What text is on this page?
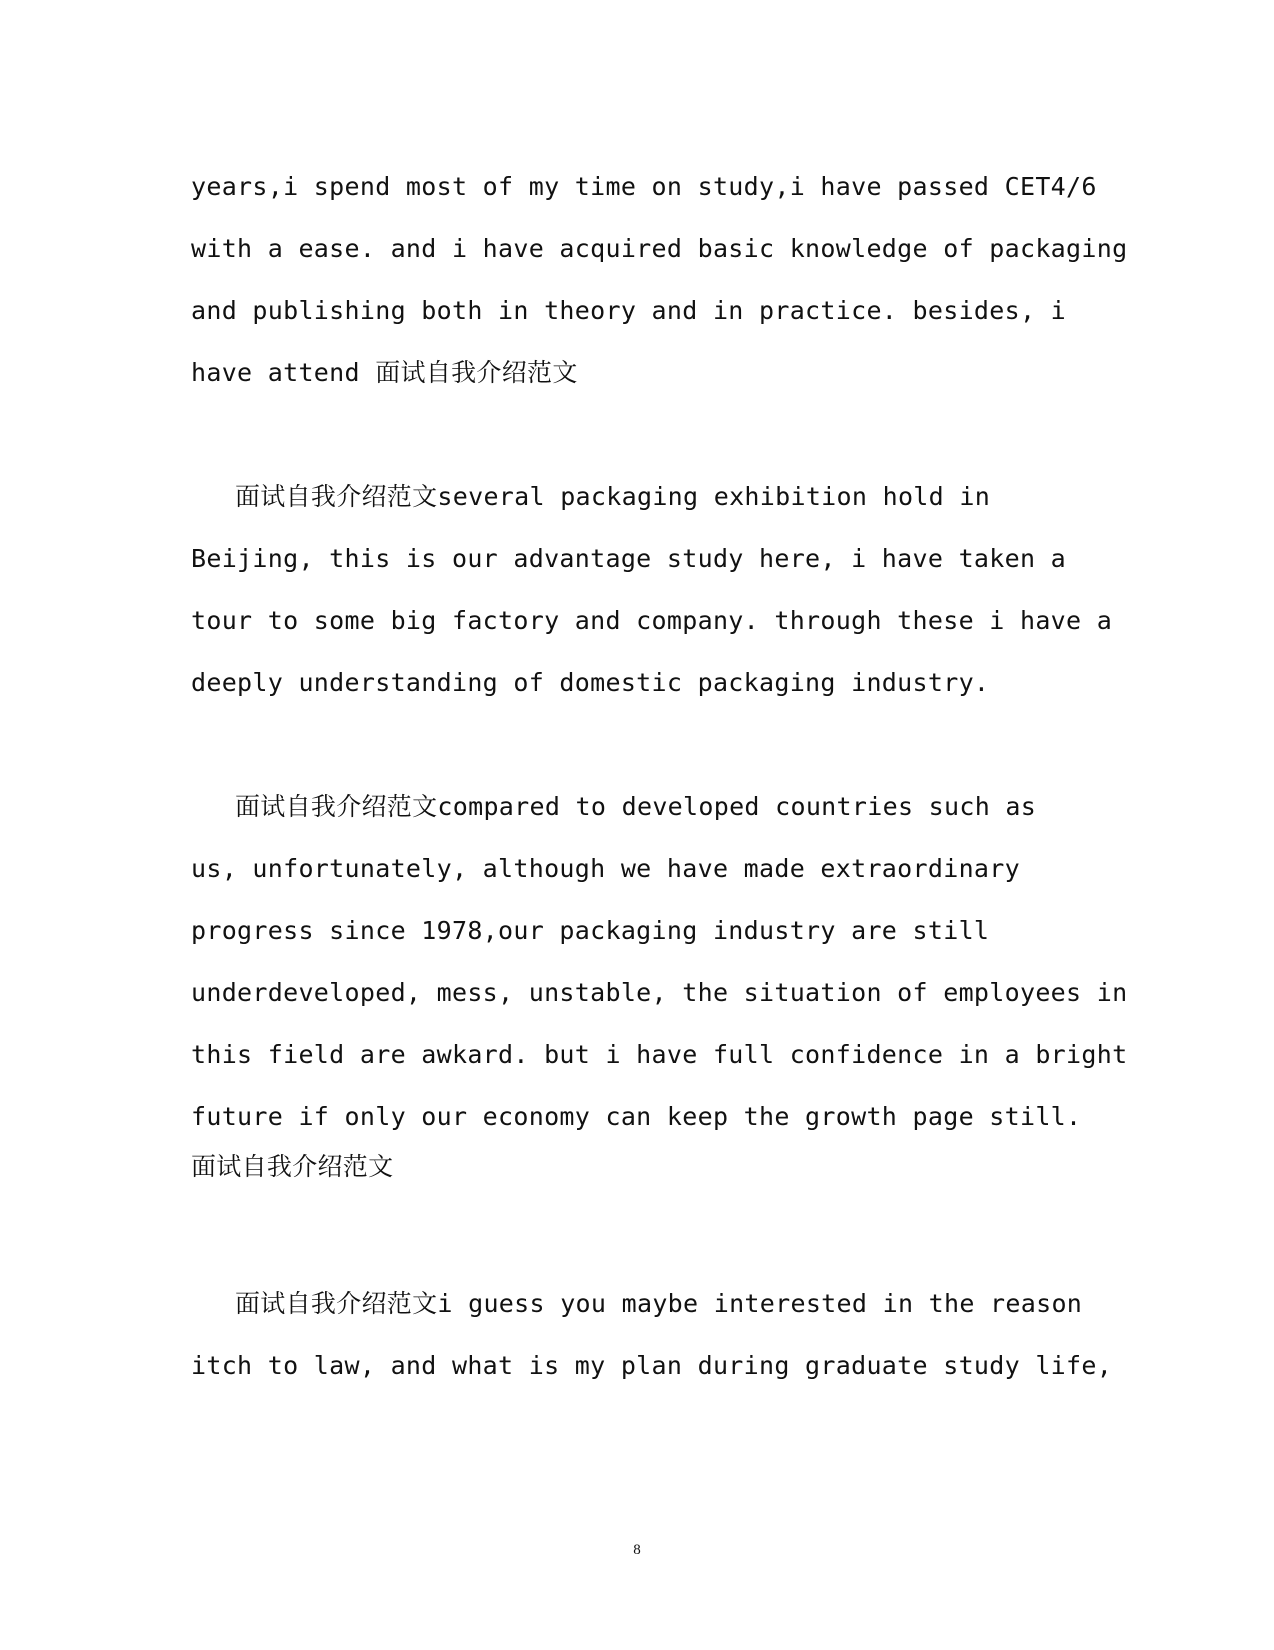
years,i spend most of my time on study,i have passed CET4/6
with a ease. and i have acquired basic knowledge of packaging
and publishing both in theory and in practice. besides, i
have attend 面试自我介绍范文
面试自我介绍范文several packaging exhibition hold in
Beijing, this is our advantage study here, i have taken a
tour to some big factory and company. through these i have a
deeply understanding of domestic packaging industry.
面试自我介绍范文compared to developed countries such as
us, unfortunately, although we have made extraordinary
progress since 1978,our packaging industry are still
underdeveloped, mess, unstable, the situation of employees in
this field are awkard. but i have full confidence in a bright
future if only our economy can keep the growth page still.
面试自我介绍范文
面试自我介绍范文i guess you maybe interested in the reason
itch to law, and what is my plan during graduate study life,
8
